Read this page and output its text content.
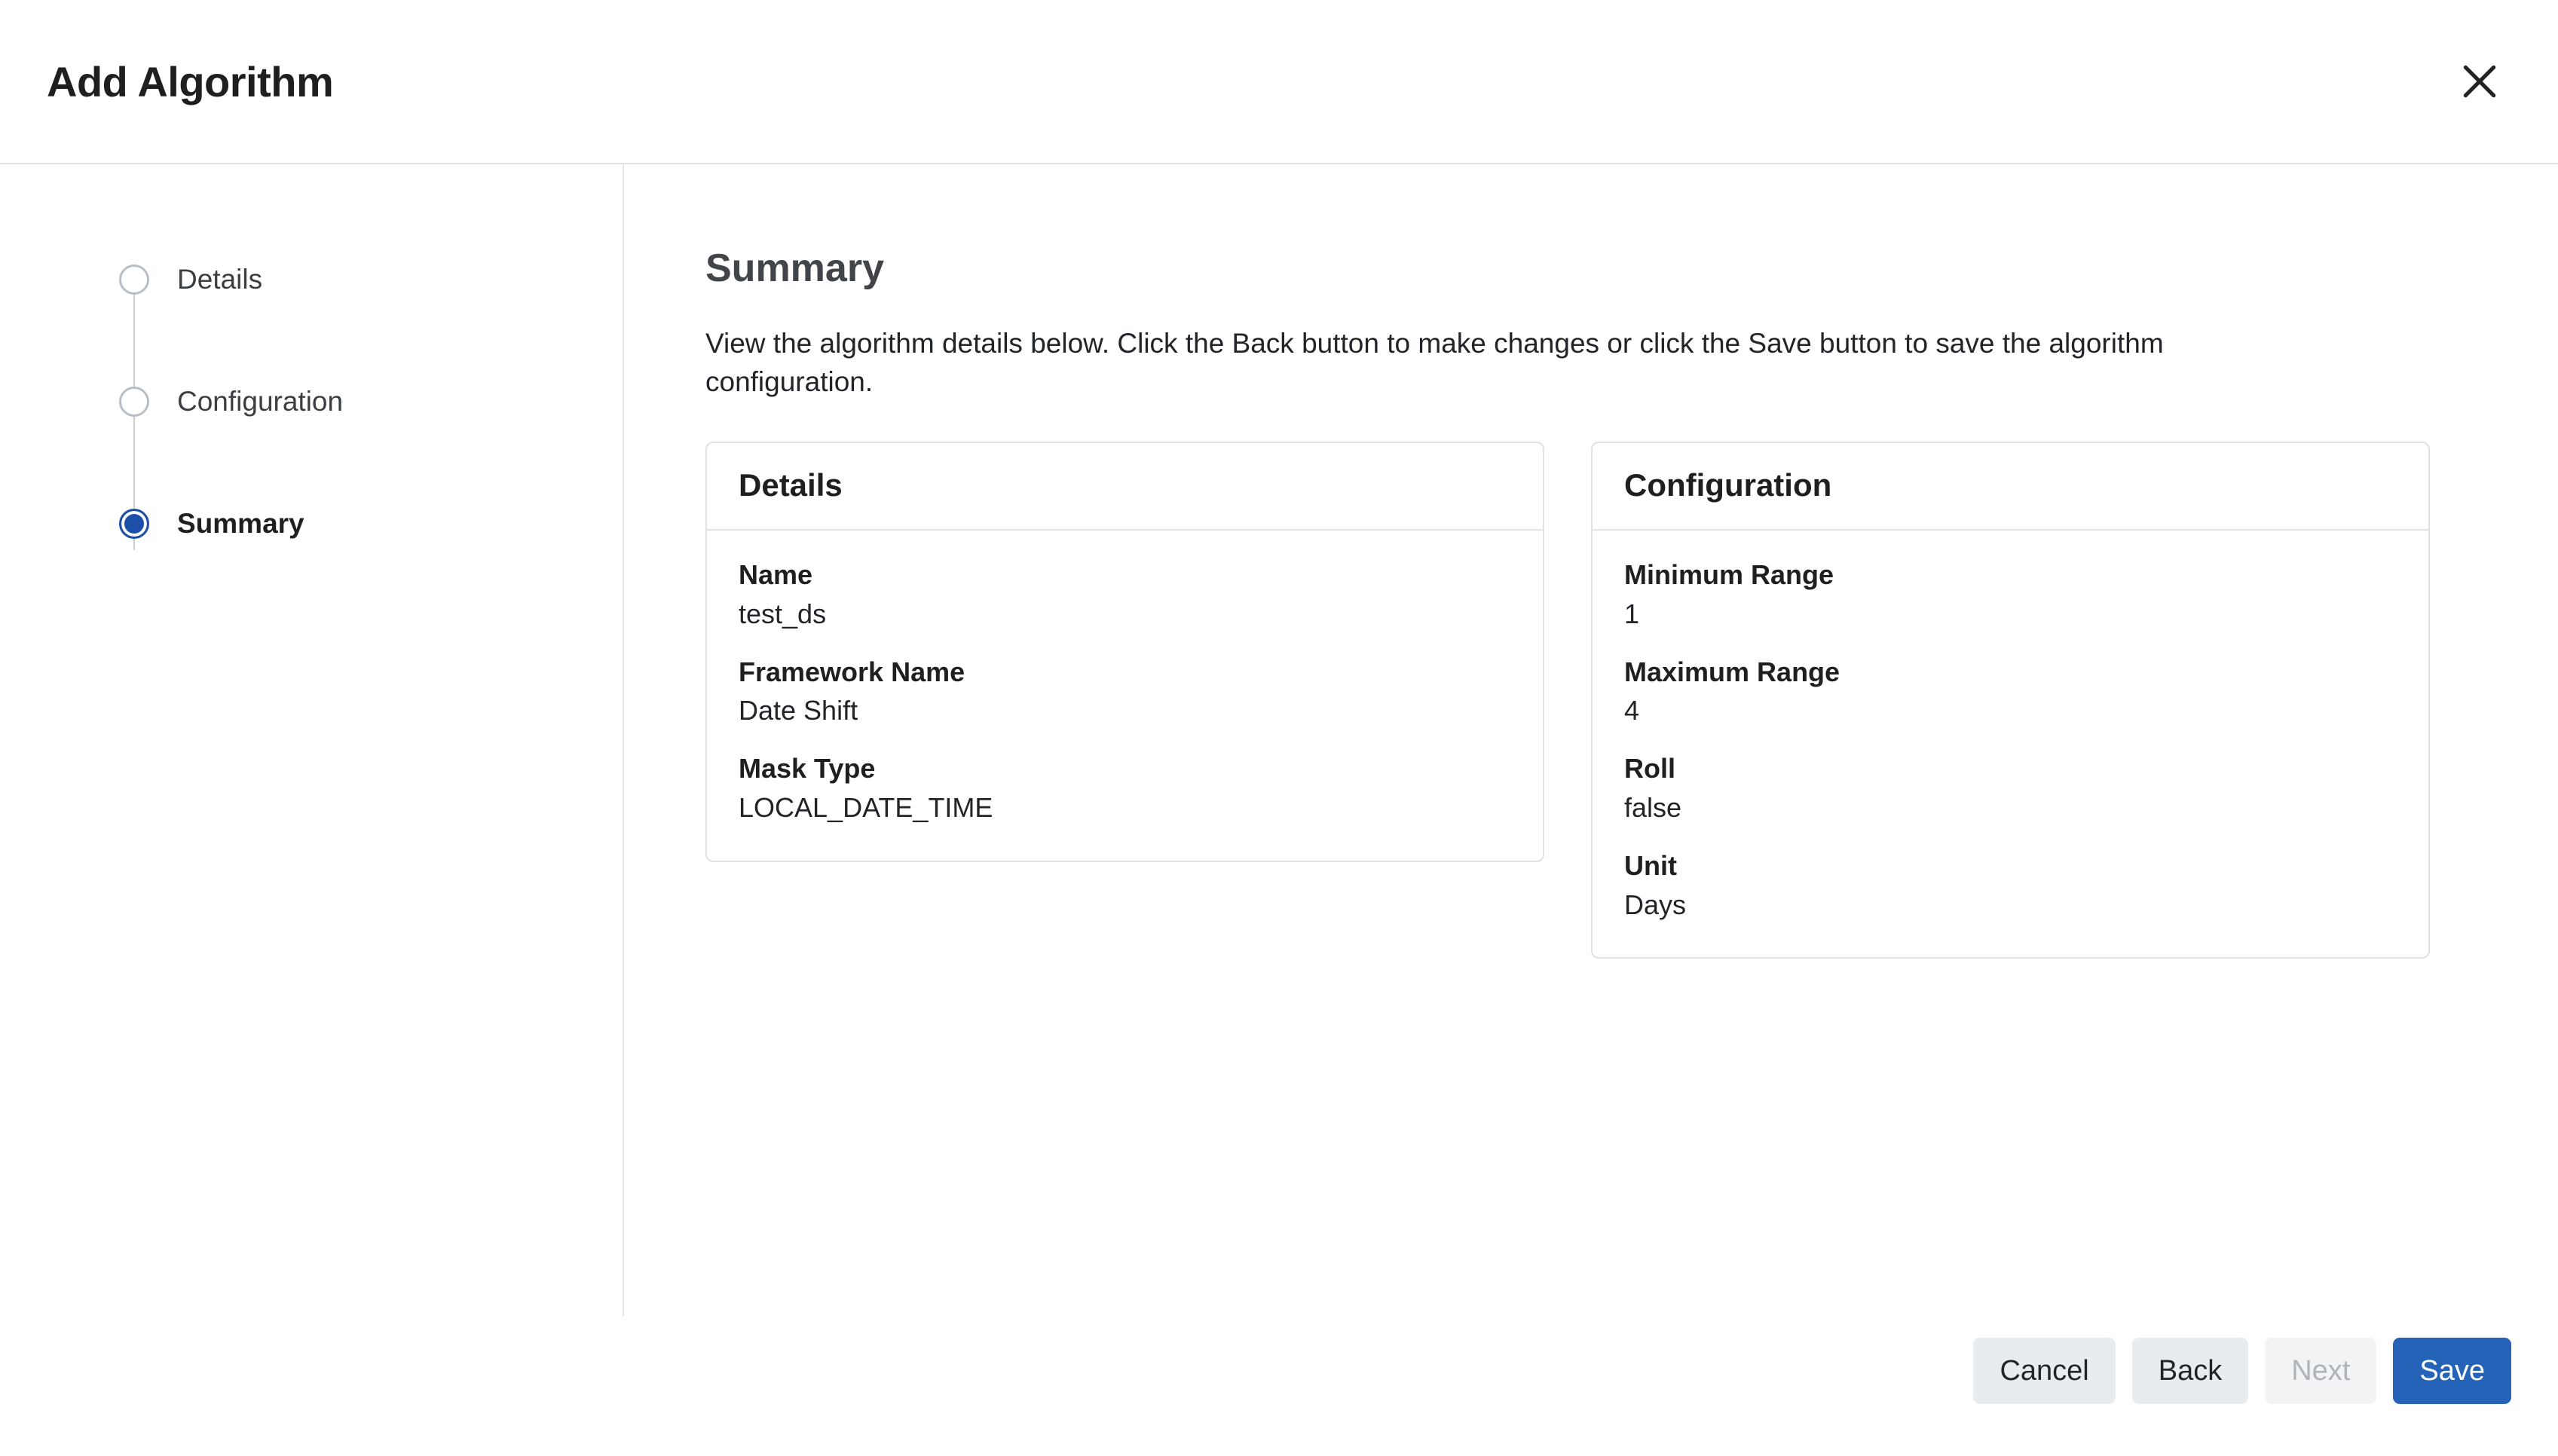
Add Algorithm
Details
Configuration
Summary
Summary
View the algorithm details below. Click the Back button to make changes or click the Save button to save the algorithm configuration.
Details
Name
test_ds
Framework Name
Date Shift
Mask Type
LOCAL_DATE_TIME
Configuration
Minimum Range
1
Maximum Range
4
Roll
false
Unit
Days
Cancel	Back	Next	Save
